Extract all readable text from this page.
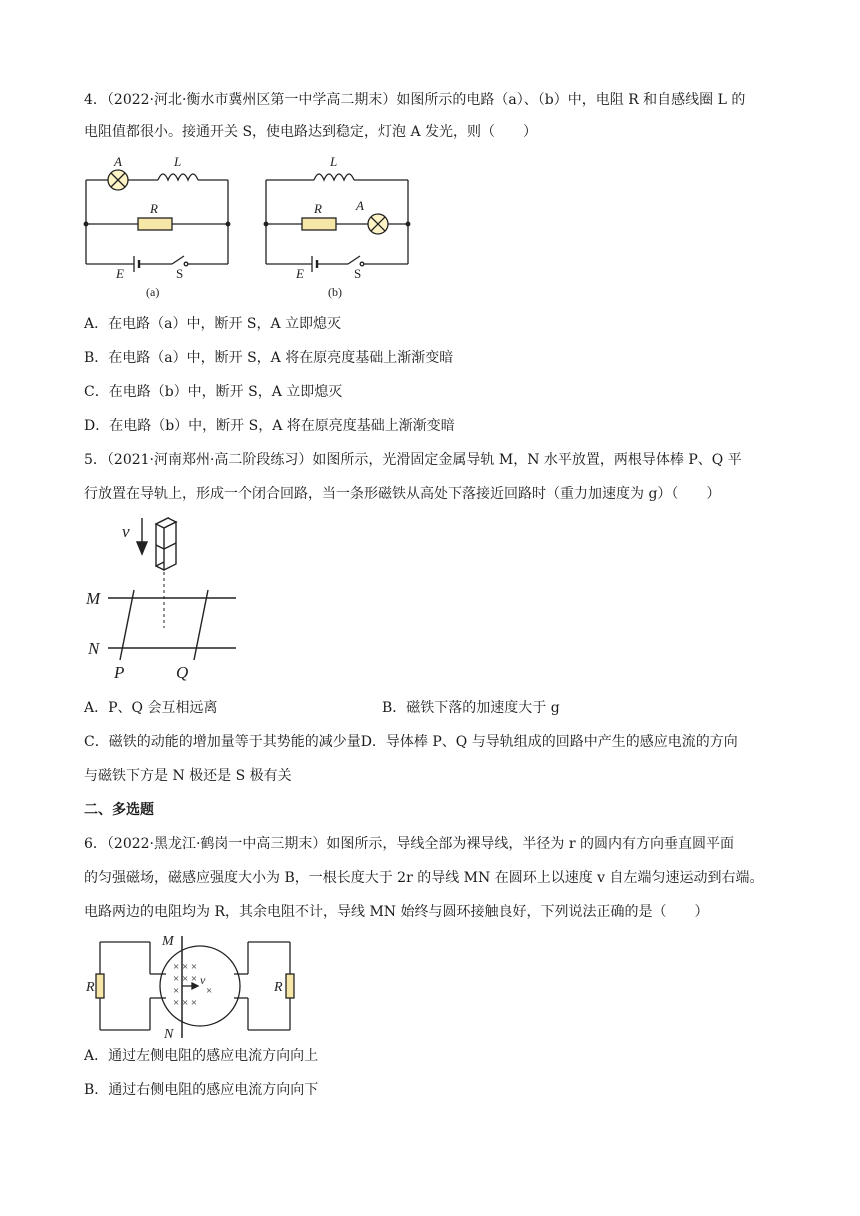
4．（2022·河北·衡水市冀州区第一中学高二期末）如图所示的电路（a）、（b）中，电阻 R 和自感线圈 L 的
电阻值都很小。接通开关 S，使电路达到稳定，灯泡 A 发光，则（　　）
A	L
R
E
A
L
R
E
S	S
(a)	(b)
A．在电路（a）中，断开 S，A 立即熄灭
B．在电路（a）中，断开 S，A 将在原亮度基础上渐渐变暗
C．在电路（b）中，断开 S，A 立即熄灭
D．在电路（b）中，断开 S，A 将在原亮度基础上渐渐变暗
5．（2021·河南郑州·高二阶段练习）如图所示，光滑固定金属导轨 M，N 水平放置，两根导体棒 P、Q 平
行放置在导轨上，形成一个闭合回路，当一条形磁铁从高处下落接近回路时（重力加速度为 g）（　　）
v
M
N
P	Q
A．P、Q 会互相远离	B．磁铁下落的加速度大于 g
C．磁铁的动能的增加量等于其势能的减少量D．导体棒 P、Q 与导轨组成的回路中产生的感应电流的方向
与磁铁下方是 N 极还是 S 极有关
二、多选题
6．（2022·黑龙江·鹤岗一中高三期末）如图所示，导线全部为裸导线，半径为 r 的圆内有方向垂直圆平面
的匀强磁场，磁感应强度大小为 B，一根长度大于 2r 的导线 MN 在圆环上以速度 v 自左端匀速运动到右端。
电路两边的电阻均为 R，其余电阻不计，导线 MN 始终与圆环接触良好，下列说法正确的是（　　）
× × ×
× × ×
× ×
× × ×
M
N
R	R
v
A．通过左侧电阻的感应电流方向向上
B．通过右侧电阻的感应电流方向向下
